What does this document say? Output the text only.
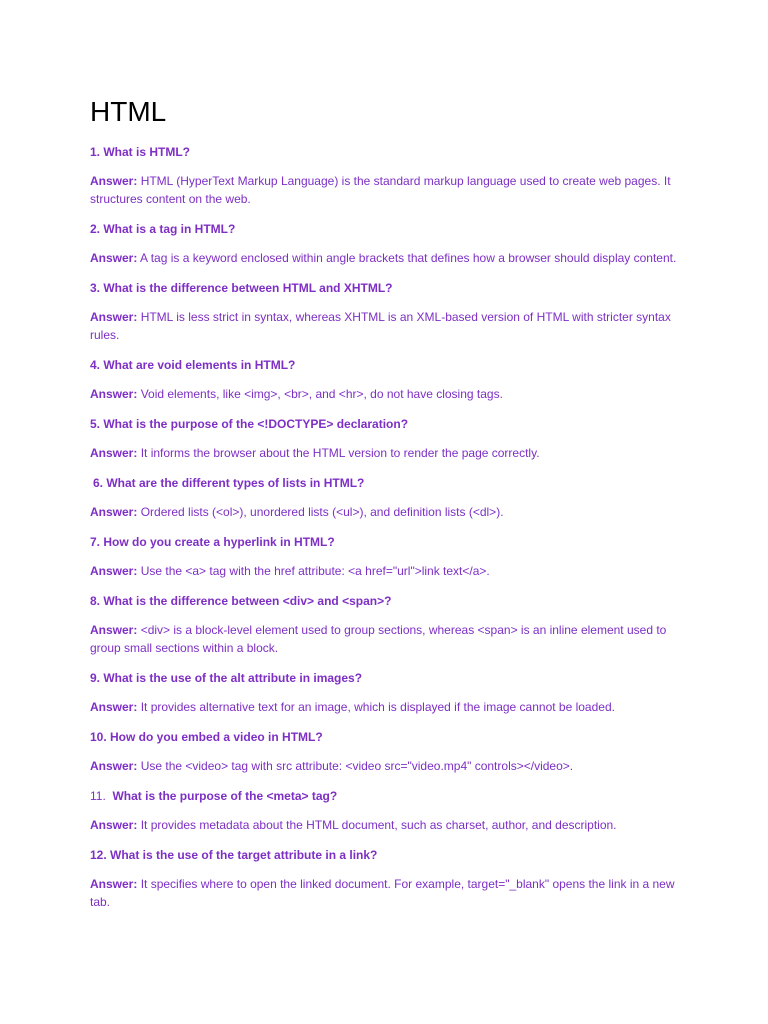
HTML

1. What is HTML?

Answer: HTML (HyperText Markup Language) is the standard markup language used to create web pages. It structures content on the web.

2. What is a tag in HTML?

Answer: A tag is a keyword enclosed within angle brackets that defines how a browser should display content.

3. What is the difference between HTML and XHTML?

Answer: HTML is less strict in syntax, whereas XHTML is an XML-based version of HTML with stricter syntax rules.

4. What are void elements in HTML?

Answer: Void elements, like <img>, <br>, and <hr>, do not have closing tags.

5. What is the purpose of the <!DOCTYPE> declaration?

Answer: It informs the browser about the HTML version to render the page correctly.

6. What are the different types of lists in HTML?

Answer: Ordered lists (<ol>), unordered lists (<ul>), and definition lists (<dl>).

7. How do you create a hyperlink in HTML?

Answer: Use the <a> tag with the href attribute: <a href="url">link text</a>.

8. What is the difference between <div> and <span>?

Answer: <div> is a block-level element used to group sections, whereas <span> is an inline element used to group small sections within a block.

9. What is the use of the alt attribute in images?

Answer: It provides alternative text for an image, which is displayed if the image cannot be loaded.

10. How do you embed a video in HTML?

Answer: Use the <video> tag with src attribute: <video src="video.mp4" controls></video>.

11. What is the purpose of the <meta> tag?

Answer: It provides metadata about the HTML document, such as charset, author, and description.

12. What is the use of the target attribute in a link?

Answer: It specifies where to open the linked document. For example, target="_blank" opens the link in a new tab.
